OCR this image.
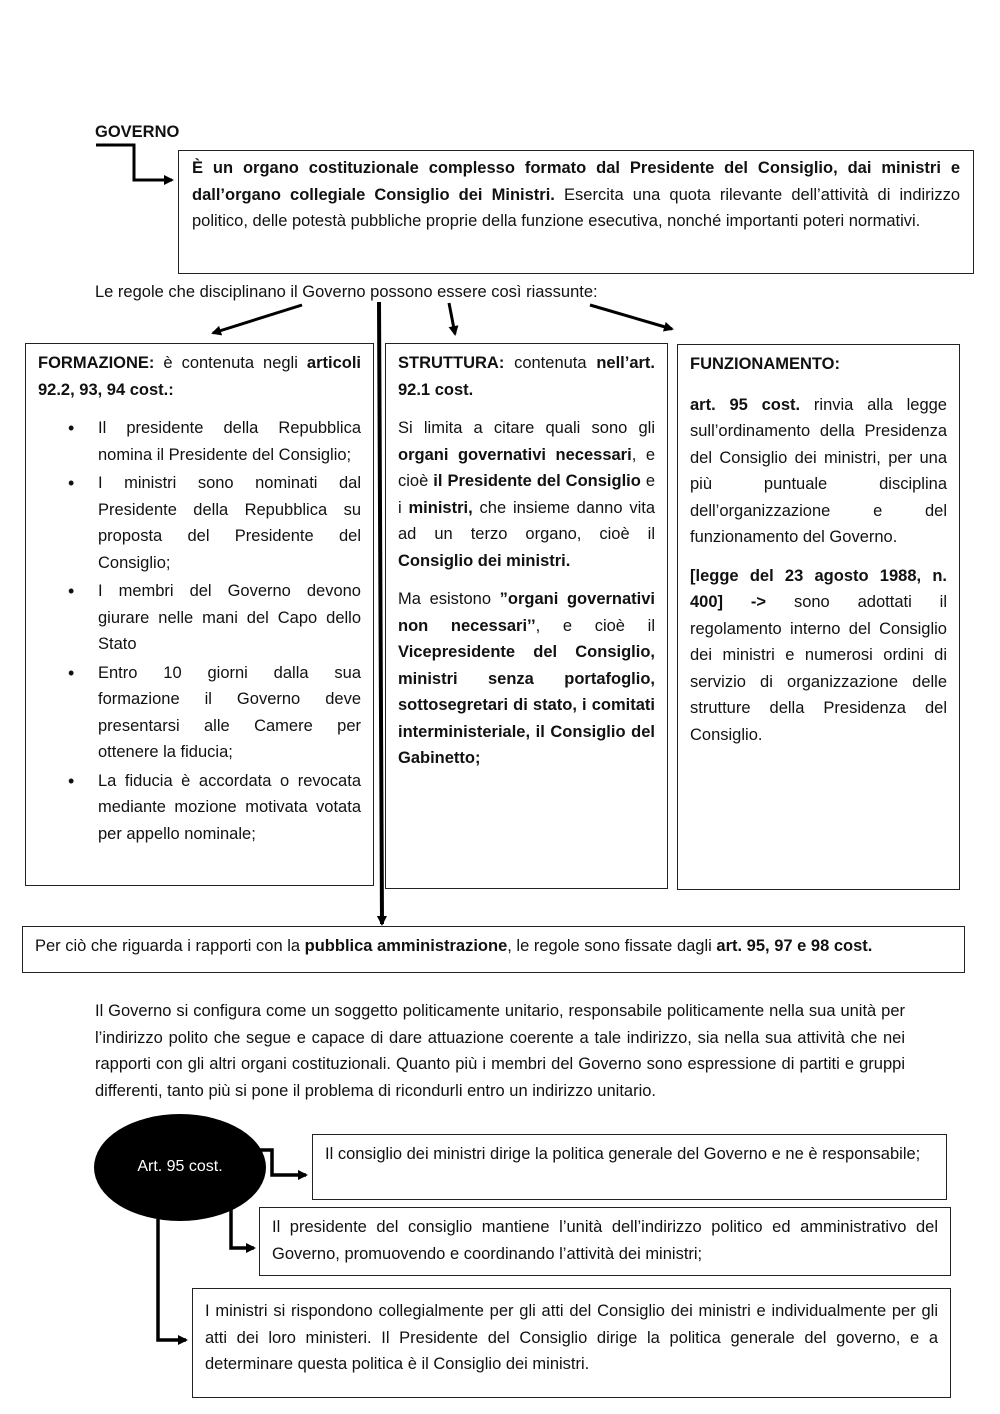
GOVERNO
È un organo costituzionale complesso formato dal Presidente del Consiglio, dai ministri e dall’organo collegiale Consiglio dei Ministri. Esercita una quota rilevante dell’attività di indirizzo politico, delle potestà pubbliche proprie della funzione esecutiva, nonché importanti poteri normativi.
Le regole che disciplinano il Governo possono essere così riassunte:

FORMAZIONE: è contenuta negli articoli 92.2, 93, 94 cost.:

• Il presidente della Repubblica nomina il Presidente del Consiglio;
• I ministri sono nominati dal Presidente della Repubblica su proposta del Presidente del Consiglio;
• I membri del Governo devono giurare nelle mani del Capo dello Stato
• Entro 10 giorni dalla sua formazione il Governo deve presentarsi alle Camere per ottenere la fiducia;
• La fiducia è accordata o revocata mediante mozione motivata votata per appello nominale;

STRUTTURA: contenuta nell’art. 92.1 cost.

Si limita a citare quali sono gli organi governativi necessari, e cioè il Presidente del Consiglio e i ministri, che insieme danno vita ad un terzo organo, cioè il Consiglio dei ministri.

Ma esistono ”organi governativi non necessari’’, e cioè il Vicepresidente del Consiglio, ministri senza portafoglio, sottosegretari di stato, i comitati interministeriale, il Consiglio del Gabinetto;

FUNZIONAMENTO:

art. 95 cost. rinvia alla legge sull’ordinamento della Presidenza del Consiglio dei ministri, per una più puntuale disciplina dell’organizzazione e del funzionamento del Governo.

[legge del 23 agosto 1988, n. 400] -> sono adottati il regolamento interno del Consiglio dei ministri e numerosi ordini di servizio di organizzazione delle strutture della Presidenza del Consiglio.

Per ciò che riguarda i rapporti con la pubblica amministrazione, le regole sono fissate dagli art. 95, 97 e 98 cost.
Il Governo si configura come un soggetto politicamente unitario, responsabile politicamente nella sua unità per l’indirizzo polito che segue e capace di dare attuazione coerente a tale indirizzo, sia nella sua attività che nei rapporti con gli altri organi costituzionali. Quanto più i membri del Governo sono espressione di partiti e gruppi differenti, tanto più si pone il problema di ricondurli entro un indirizzo unitario.
Art. 95 cost.
Il consiglio dei ministri dirige la politica generale del Governo e ne è responsabile;
Il presidente del consiglio mantiene l’unità dell’indirizzo politico ed amministrativo del Governo, promuovendo e coordinando l’attività dei ministri;
I ministri si rispondono collegialmente per gli atti del Consiglio dei ministri e individualmente per gli atti dei loro ministeri. Il Presidente del Consiglio dirige la politica generale del governo, e a determinare questa politica è il Consiglio dei ministri.
